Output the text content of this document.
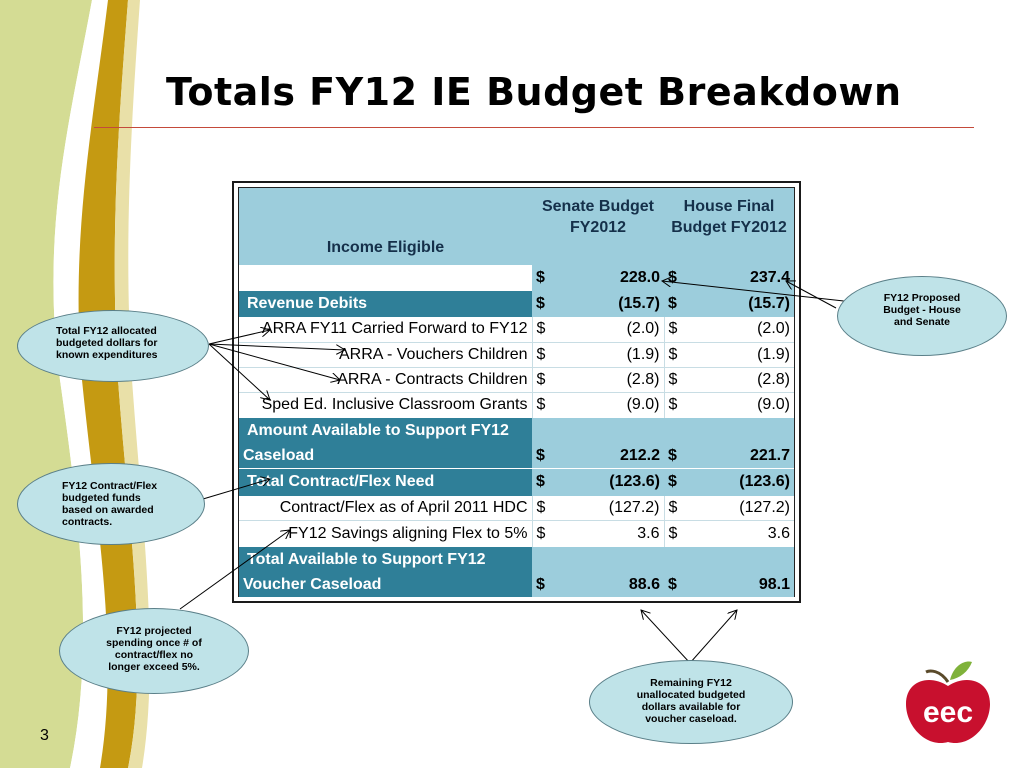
Totals FY12 IE Budget Breakdown
	Senate Budget		House Final	
Income Eligible	FY2012		Budget FY2012	
	$	228.0	$	237.4
Revenue Debits	$	(15.7)	$	(15.7)
ARRA FY11 Carried Forward to FY12	$	(2.0)	$	(2.0)
ARRA - Vouchers Children	$	(1.9)	$	(1.9)
ARRA - Contracts Children	$	(2.8)	$	(2.8)
Sped Ed. Inclusive Classroom Grants	$	(9.0)	$	(9.0)

Amount Available to Support FY12
Caseload	$	212.2	$	221.7
Total Contract/Flex Need	$	(123.6)	$	(123.6)
Contract/Flex as of April 2011 HDC	$	(127.2)	$	(127.2)
FY12 Savings aligning Flex to 5%	$	3.6	$	3.6

Total Available to Support FY12
Voucher Caseload	$	88.6	$	98.1
FY12 Proposed
Budget - House
and Senate
Total FY12 allocated
budgeted dollars for
known expenditures
FY12 Contract/Flex
budgeted funds
based on awarded
contracts.
FY12 projected
spending once # of
contract/flex no
longer exceed 5%.
Remaining FY12
unallocated budgeted
dollars available for
voucher caseload.	eec
3
